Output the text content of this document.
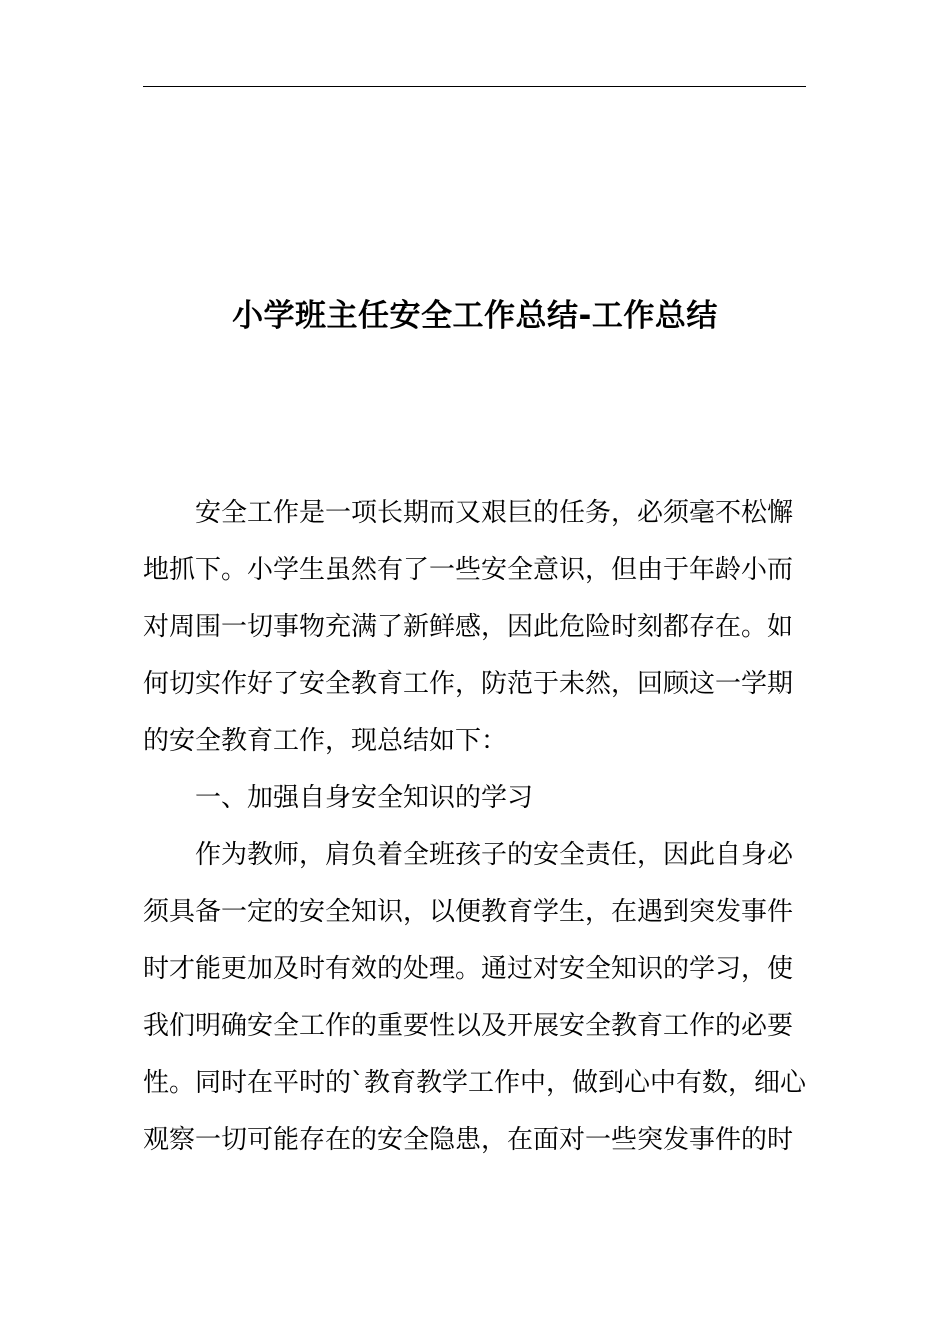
小学班主任安全工作总结-工作总结
安全工作是一项长期而又艰巨的任务，必须毫不松懈
地抓下。小学生虽然有了一些安全意识，但由于年龄小而
对周围一切事物充满了新鲜感，因此危险时刻都存在。如
何切实作好了安全教育工作，防范于未然，回顾这一学期
的安全教育工作，现总结如下：
一、加强自身安全知识的学习
作为教师，肩负着全班孩子的安全责任，因此自身必
须具备一定的安全知识，以便教育学生，在遇到突发事件
时才能更加及时有效的处理。通过对安全知识的学习，使
我们明确安全工作的重要性以及开展安全教育工作的必要
性。同时在平时的`教育教学工作中，做到心中有数，细心
观察一切可能存在的安全隐患，在面对一些突发事件的时
